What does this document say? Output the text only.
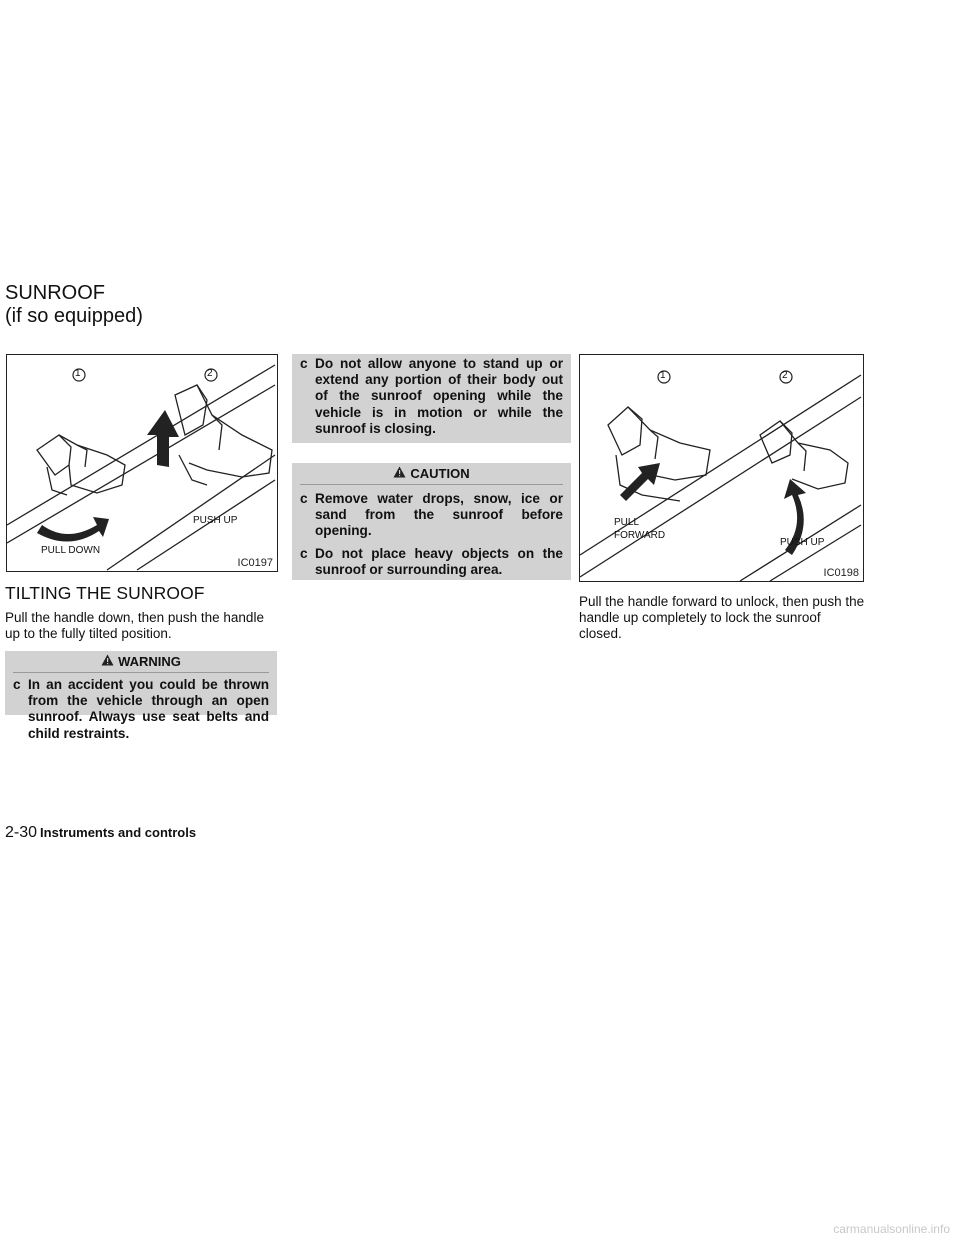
SUNROOF
(if so equipped)
1	2
PULL DOWN
PUSH UP
IC0197
TILTING THE SUNROOF
Pull the handle down, then push the handle up to the fully tilted position.
WARNING
c In an accident you could be thrown from the vehicle through an open sunroof. Always use seat belts and child restraints.
c Do not allow anyone to stand up or extend any portion of their body out of the sunroof opening while the vehicle is in motion or while the sunroof is closing.
CAUTION
c Remove water drops, snow, ice or sand from the sunroof before opening.
c Do not place heavy objects on the sunroof or surrounding area.
1	2
PULL
FORWARD
PUSH UP
IC0198
Pull the handle forward to unlock, then push the handle up completely to lock the sunroof closed.
2-30 Instruments and controls
carmanualsonline.info
